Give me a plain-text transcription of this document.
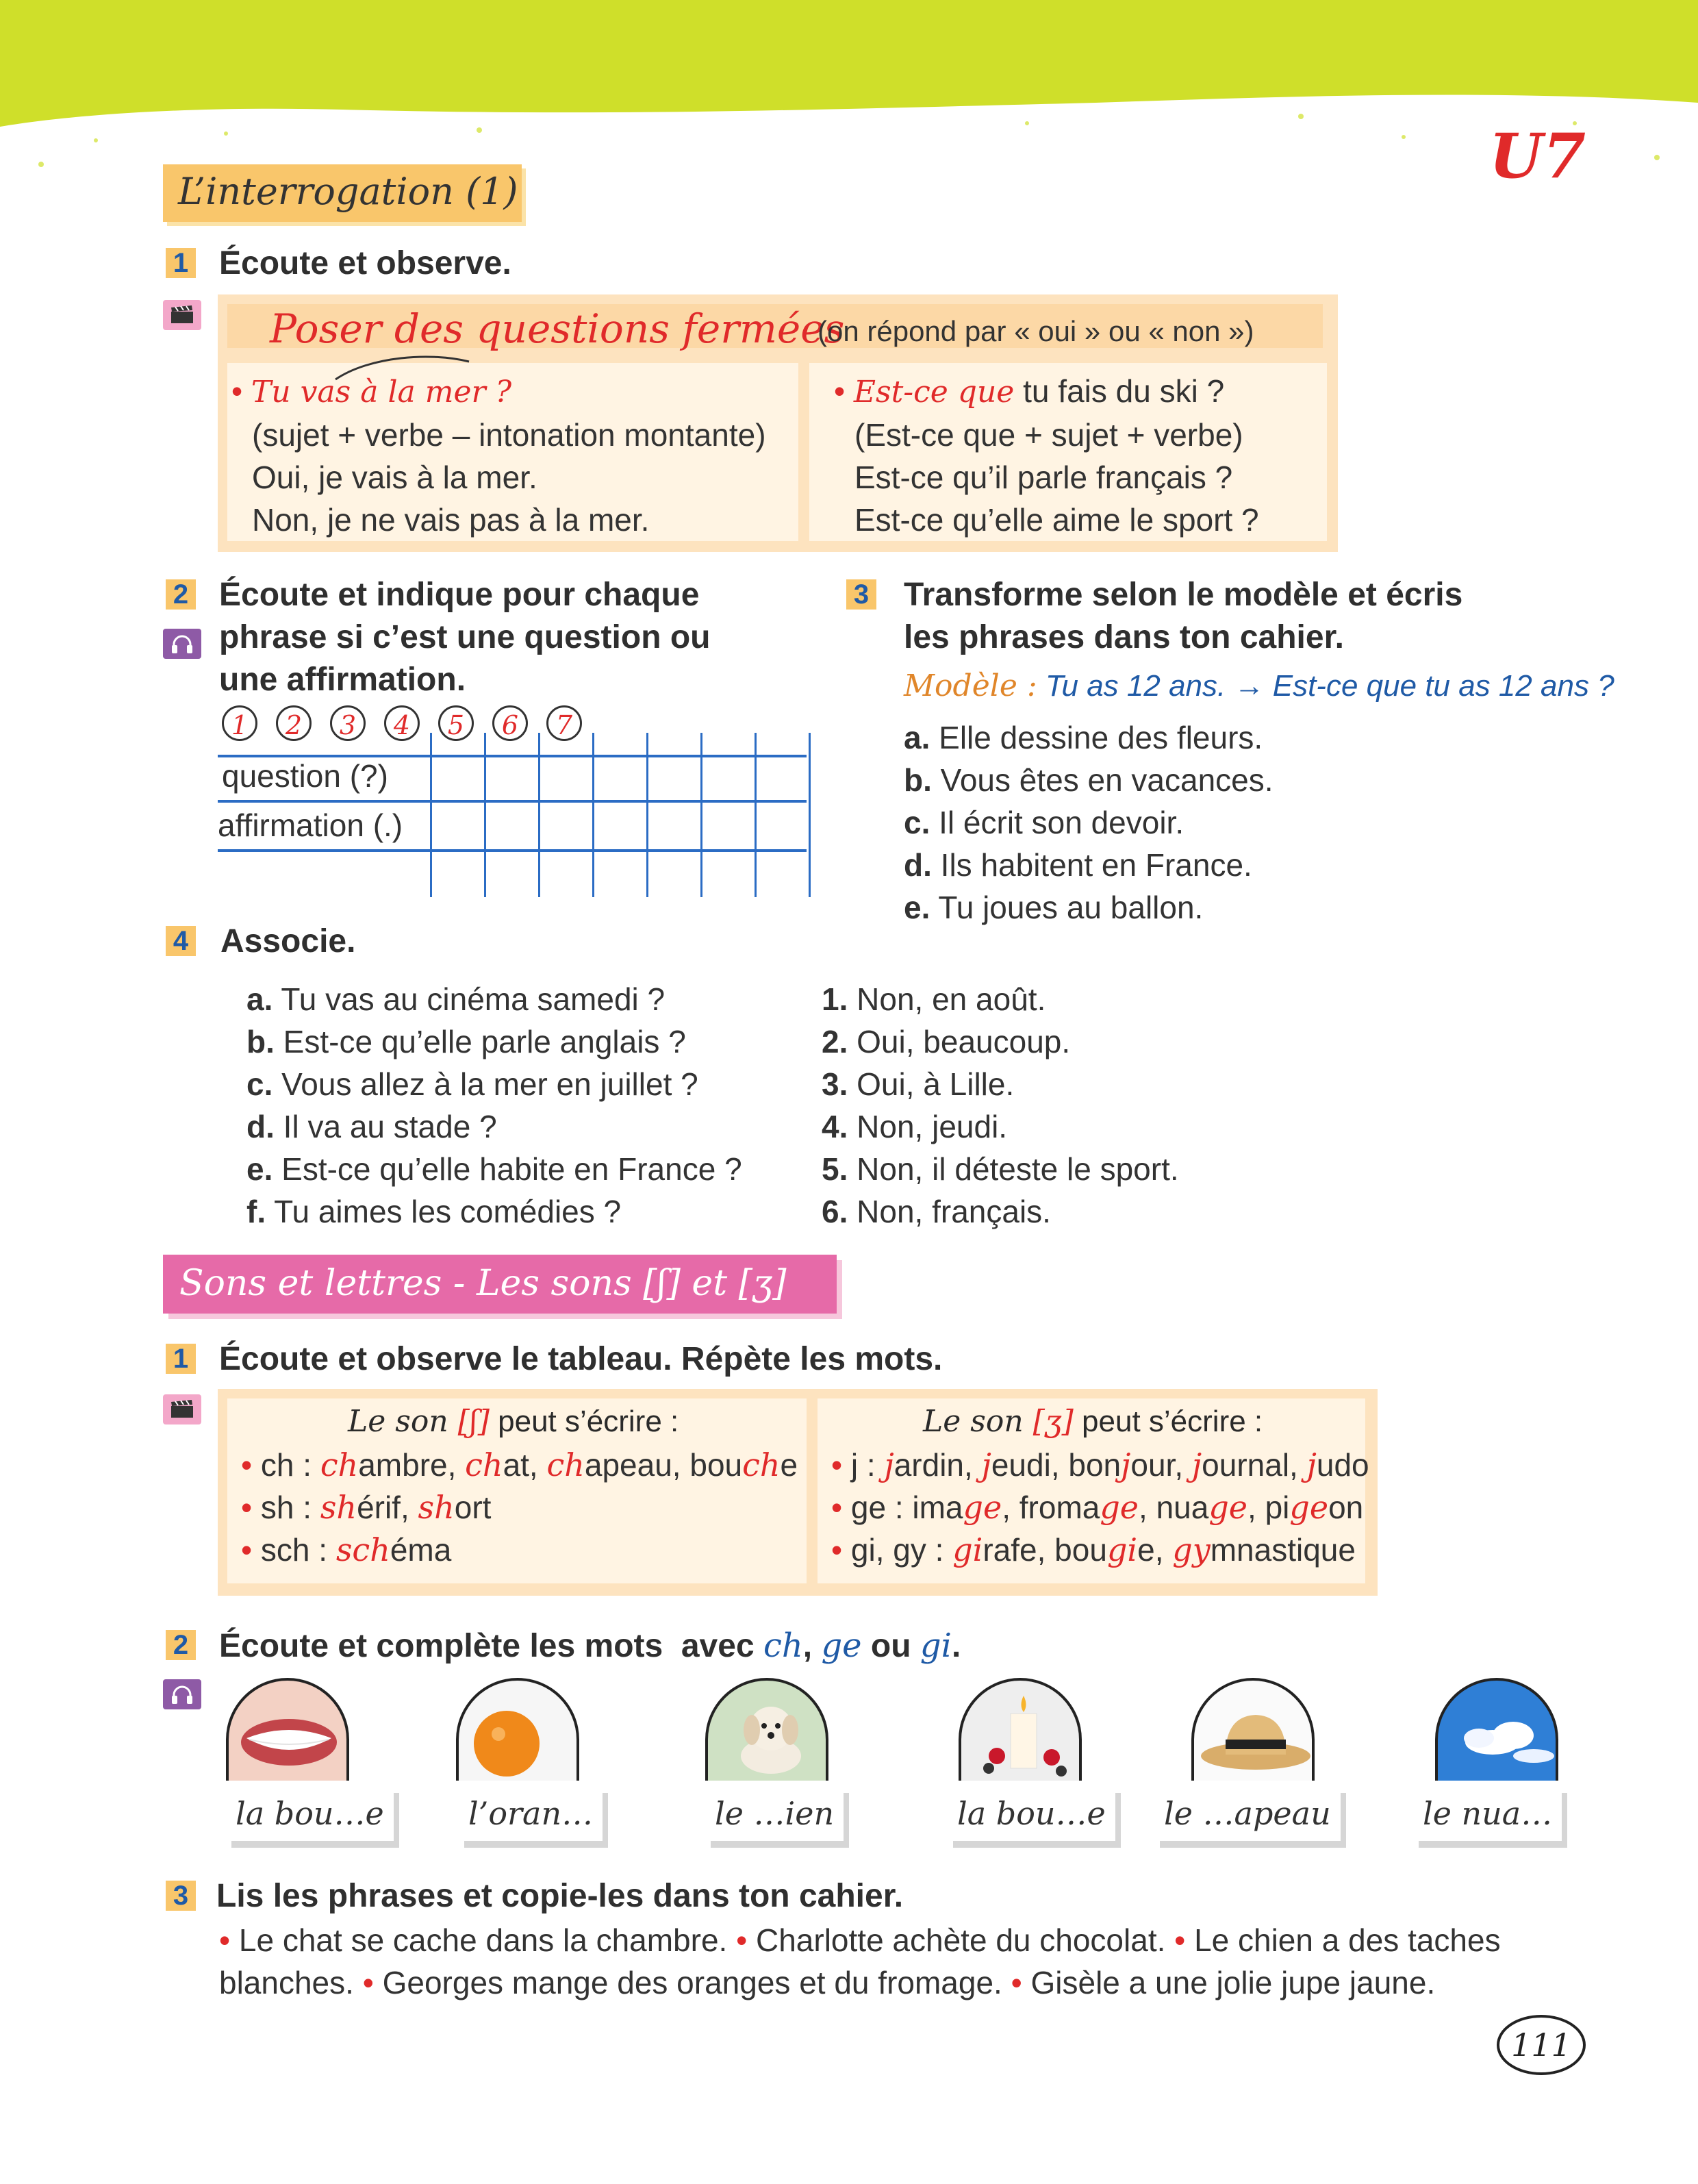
U7
L’interrogation (1)
1 Écoute et observe.
Poser des questions fermées
(on répond par « oui » ou « non »)
• Tu vas à la mer ?
(sujet + verbe – intonation montante)
Oui, je vais à la mer.
Non, je ne vais pas à la mer.
• Est-ce que tu fais du ski ?
(Est-ce que + sujet + verbe)
Est-ce qu’il parle français ?
Est-ce qu’elle aime le sport ?
2 Écoute et indique pour chaque
phrase si c’est une question ou
une affirmation.
question (?)
affirmation (.)
1	2	3	4	5	6	7
3 Transforme selon le modèle et écris
les phrases dans ton cahier.
Modèle : Tu as 12 ans. → Est-ce que tu as 12 ans ?
a. Elle dessine des fleurs.
b. Vous êtes en vacances.
c. Il écrit son devoir.
d. Ils habitent en France.
e. Tu joues au ballon.
4 Associe.
a. Tu vas au cinéma samedi ?
b. Est-ce qu’elle parle anglais ?
c. Vous allez à la mer en juillet ?
d. Il va au stade ?
e. Est-ce qu’elle habite en France ?
f. Tu aimes les comédies ?
1. Non, en août.
2. Oui, beaucoup.
3. Oui, à Lille.
4. Non, jeudi.
5. Non, il déteste le sport.
6. Non, français.
Sons et lettres - Les sons [ʃ] et [ʒ]
1 Écoute et observe le tableau. Répète les mots.
Le son [ʃ] peut s’écrire :
• ch : chambre, chat, chapeau, bouche
• sh : shérif, short
• sch : schéma
Le son [ʒ] peut s’écrire :
• j : jardin, jeudi, bonjour, journal, judo
• ge : image, fromage, nuage, pigeon
• gi, gy : girafe, bougie, gymnastique
2 Écoute et complète les mots  avec ch, ge ou gi.
la bou…e	l’oran…	le …ien	la bou…e	le …apeau	le nua…
3 Lis les phrases et copie-les dans ton cahier.
• Le chat se cache dans la chambre. • Charlotte achète du chocolat. • Le chien a des taches
blanches. • Georges mange des oranges et du fromage. • Gisèle a une jolie jupe jaune.
111
